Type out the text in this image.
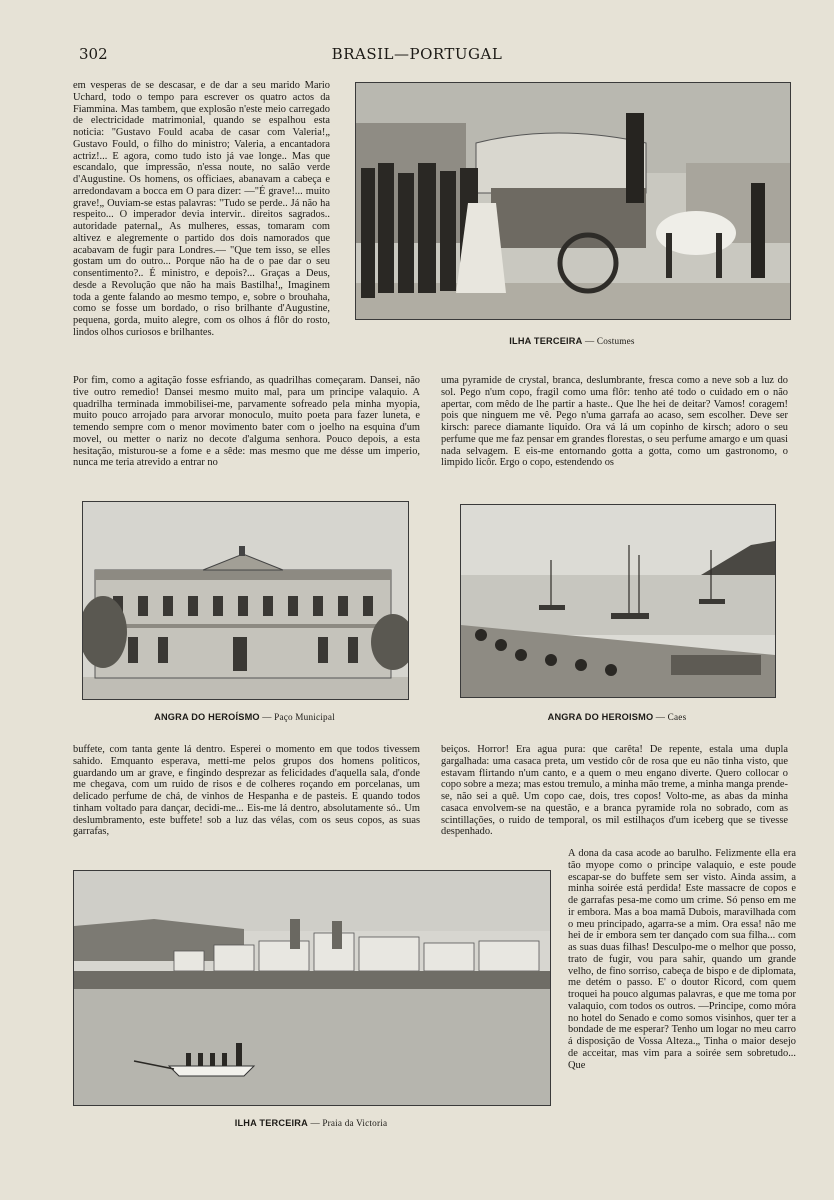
302	BRASIL—PORTUGAL

em vesperas de se descasar, e de dar a seu marido Mario Uchard, todo o tempo para escrever os quatro actos da Fiammina. Mas tambem, que explosão n'este meio carregado de electricidade matrimonial, quando se espalhou esta noticia: "Gustavo Fould acaba de casar com Valeria!„ Gustavo Fould, o filho do ministro; Valeria, a encantadora actriz!... E agora, como tudo isto já vae longe.. Mas que escandalo, que impressão, n'essa noute, no salão verde d'Augustine. Os homens, os officiaes, abanavam a cabeça e arredondavam a bocca em O para dizer: —"É grave!... muito grave!„ Ouviam-se estas palavras: "Tudo se perde.. Já não ha respeito... O imperador devia intervir.. direitos sagrados.. autoridade paternal„ As mulheres, essas, tomaram com altivez e alegremente o partido dos dois namorados que acabavam de fugir para Londres.— "Que tem isso, se elles gostam um do outro... Porque não ha de o pae dar o seu consentimento?.. É ministro, e depois?... Graças a Deus, desde a Revolução que não ha mais Bastilha!„ Imaginem toda a gente falando ao mesmo tempo, e, sobre o brouhaha, como se fosse um bordado, o riso brilhante d'Augustine, pequena, gorda, muito alegre, com os olhos á flôr do rosto, lindos olhos curiosos e brilhantes.

ILHA TERCEIRA — Costumes

Por fim, como a agitação fosse esfriando, as quadrilhas começaram. Dansei, não tive outro remedio! Dansei mesmo muito mal, para um principe valaquio. A quadrilha terminada immobilisei-me, parvamente sofreado pela minha myopia, muito pouco arrojado para arvorar monoculo, muito poeta para fazer luneta, e temendo sempre com o menor movimento bater com o joelho na esquina d'um movel, ou metter o nariz no decote d'alguma senhora. Pouco depois, a esta hesitação, misturou-se a fome e a sêde: mas mesmo que me désse um imperio, nunca me teria atrevido a entrar no

uma pyramide de crystal, branca, deslumbrante, fresca como a neve sob a luz do sol. Pego n'um copo, fragil como uma flôr: tenho até todo o cuidado em o não apertar, com mêdo de lhe partir a haste.. Que lhe hei de deitar? Vamos! coragem! pois que ninguem me vê. Pego n'uma garrafa ao acaso, sem escolher. Deve ser kirsch: parece diamante liquido. Ora vá lá um copinho de kirsch; adoro o seu perfume que me faz pensar em grandes florestas, o seu perfume amargo e um quasi nada selvagem. E eis-me entornando gotta a gotta, como um gastronomo, o limpido licôr. Ergo o copo, estendendo os

ANGRA DO HEROÍSMO — Paço Municipal	ANGRA DO HEROISMO — Caes

buffete, com tanta gente lá dentro. Esperei o momento em que todos tivessem sahido. Emquanto esperava, metti-me pelos grupos dos homens politicos, guardando um ar grave, e fingindo desprezar as felicidades d'aquella sala, d'onde me chegava, com um ruido de risos e de colheres roçando em porcelanas, um delicado perfume de chá, de vinhos de Hespanha e de pasteis. E quando todos tinham voltado para dançar, decidi-me... Eis-me lá dentro, absolutamente só.. Um deslumbramento, este buffete! sob a luz das vélas, com os seus copos, as suas garrafas,

beiços. Horror! Era agua pura: que carêta! De repente, estala uma dupla gargalhada: uma casaca preta, um vestido côr de rosa que eu não tinha visto, que estavam flirtando n'um canto, e a quem o meu engano diverte. Quero collocar o copo sobre a meza; mas estou tremulo, a minha mão treme, a minha manga prende-se, não sei a quê. Um copo cae, dois, tres copos! Volto-me, as abas da minha casaca envolvem-se na questão, e a branca pyramide rola no sobrado, com as scintillações, o ruido de temporal, os mil estilhaços d'um iceberg que se tivesse despenhado.

ILHA TERCEIRA — Praia da Victoria

A dona da casa acode ao barulho. Felizmente ella era tão myope como o principe valaquio, e este poude escapar-se do buffete sem ser visto. Ainda assim, a minha soirée está perdida! Este massacre de copos e de garrafas pesa-me como um crime. Só penso em me ir embora. Mas a boa mamã Dubois, maravilhada com o meu principado, agarra-se a mim. Ora essa! não me hei de ir embora sem ter dançado com sua filha... com as suas duas filhas! Desculpo-me o melhor que posso, trato de fugir, vou para sahir, quando um grande velho, de fino sorriso, cabeça de bispo e de diplomata, me detém o passo. E' o doutor Ricord, com quem troquei ha pouco algumas palavras, e que me toma por valaquio, com todos os outros. —Principe, como móra no hotel do Senado e como somos visinhos, quer ter a bondade de me esperar? Tenho um logar no meu carro á disposição de Vossa Alteza.„ Tinha o maior desejo de acceitar, mas vim para a soirée sem sobretudo... Que
